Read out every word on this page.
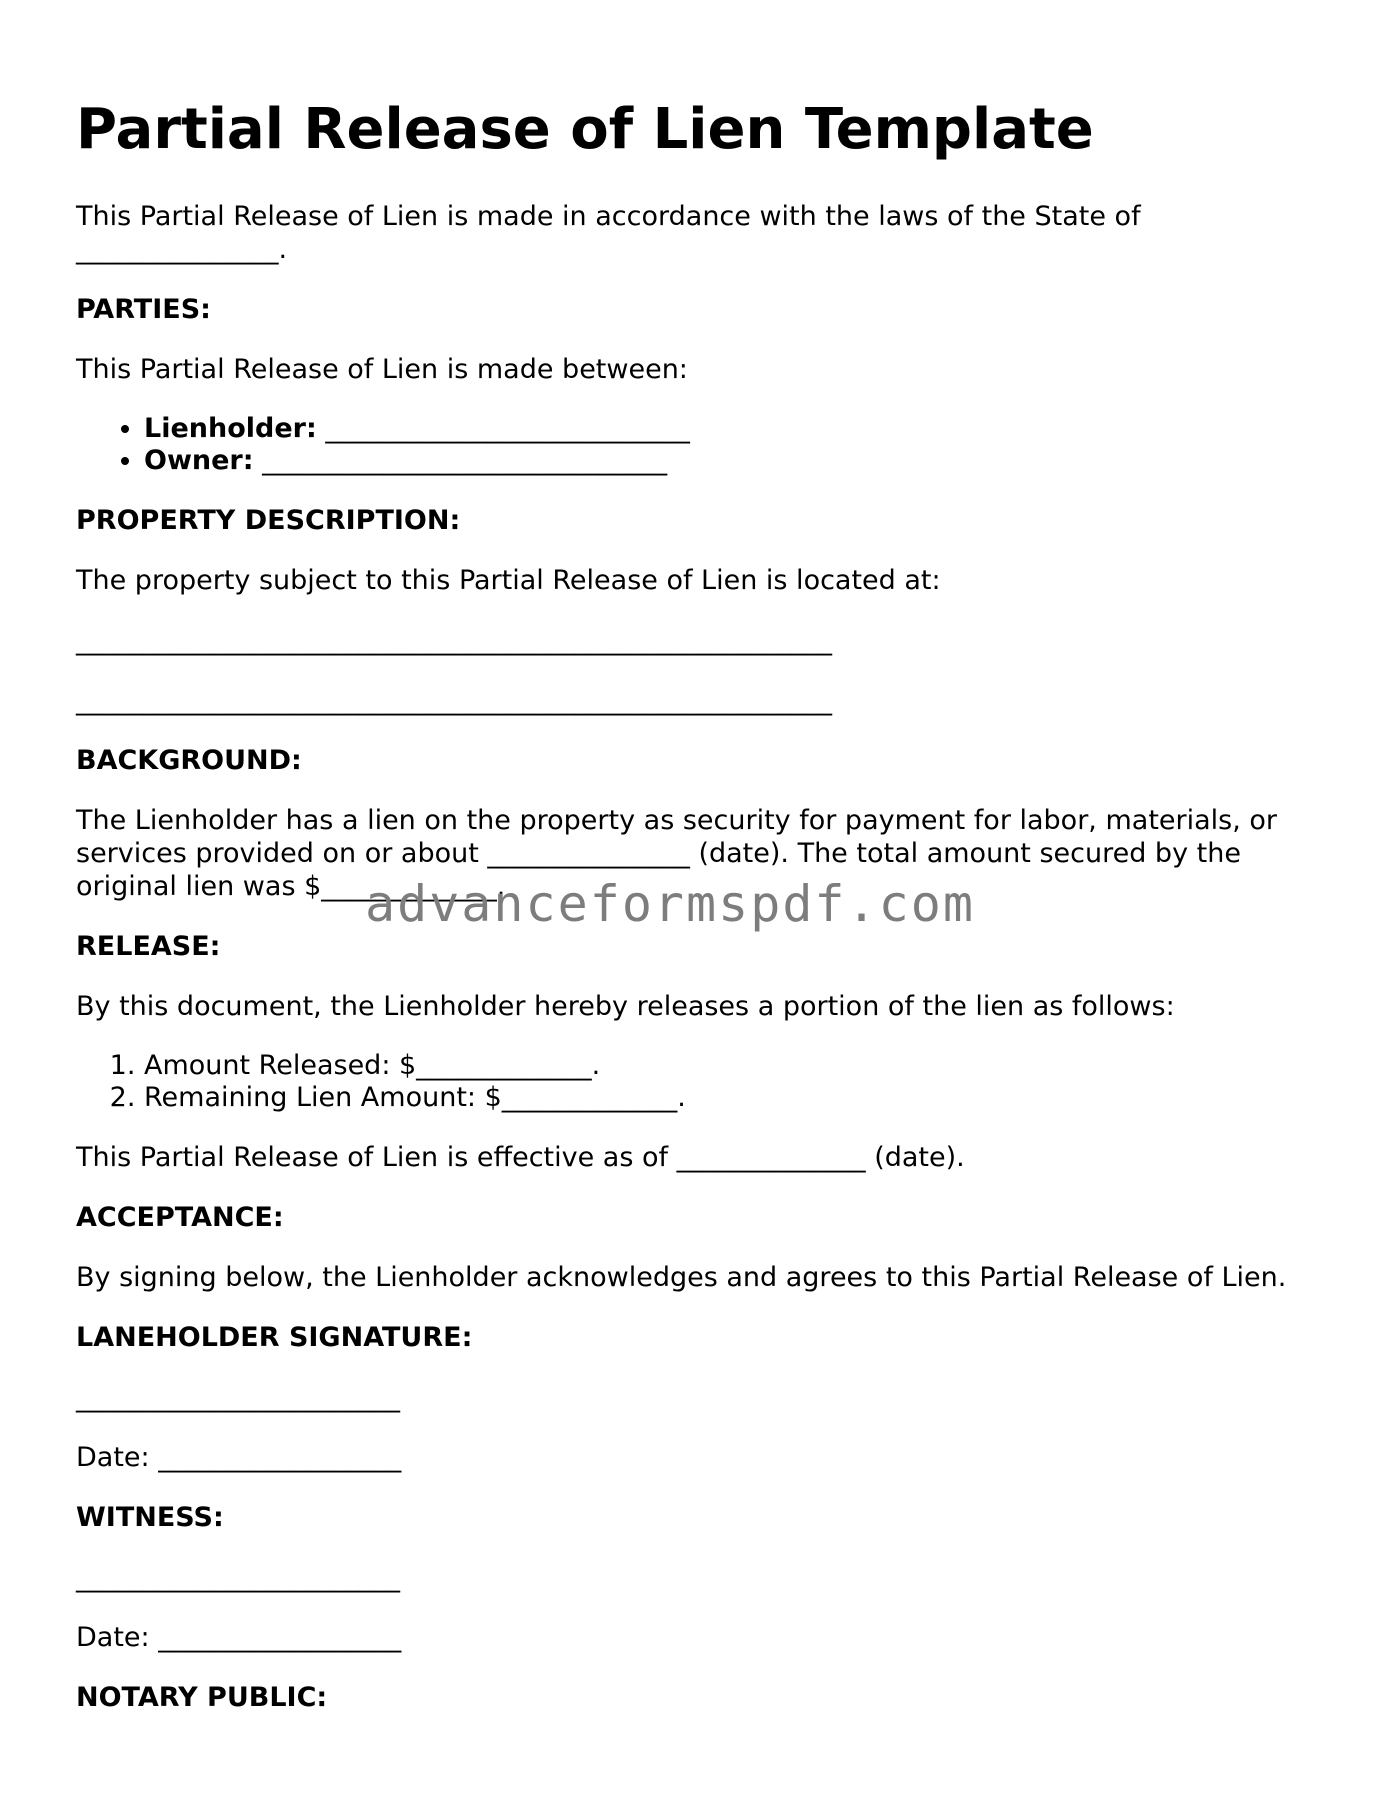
Partial Release of Lien Template

This Partial Release of Lien is made in accordance with the laws of the State of _______________.

PARTIES:

This Partial Release of Lien is made between:

• Lienholder: ___________________________
• Owner: ______________________________
PROPERTY DESCRIPTION:

The property subject to this Partial Release of Lien is located at:

________________________________________________________
________________________________________________________
BACKGROUND:

The Lienholder has a lien on the property as security for payment for labor, materials, or services provided on or about _______________ (date). The total amount secured by the original lien was $_____________.

RELEASE:

By this document, the Lienholder hereby releases a portion of the lien as follows:

1. Amount Released: $_____________.
2. Remaining Lien Amount: $_____________.

This Partial Release of Lien is effective as of ______________ (date).

ACCEPTANCE:

By signing below, the Lienholder acknowledges and agrees to this Partial Release of Lien.

LANEHOLDER SIGNATURE:
________________________
Date: __________________
WITNESS:
________________________
Date: __________________
NOTARY PUBLIC:
advanceformspdf.com
